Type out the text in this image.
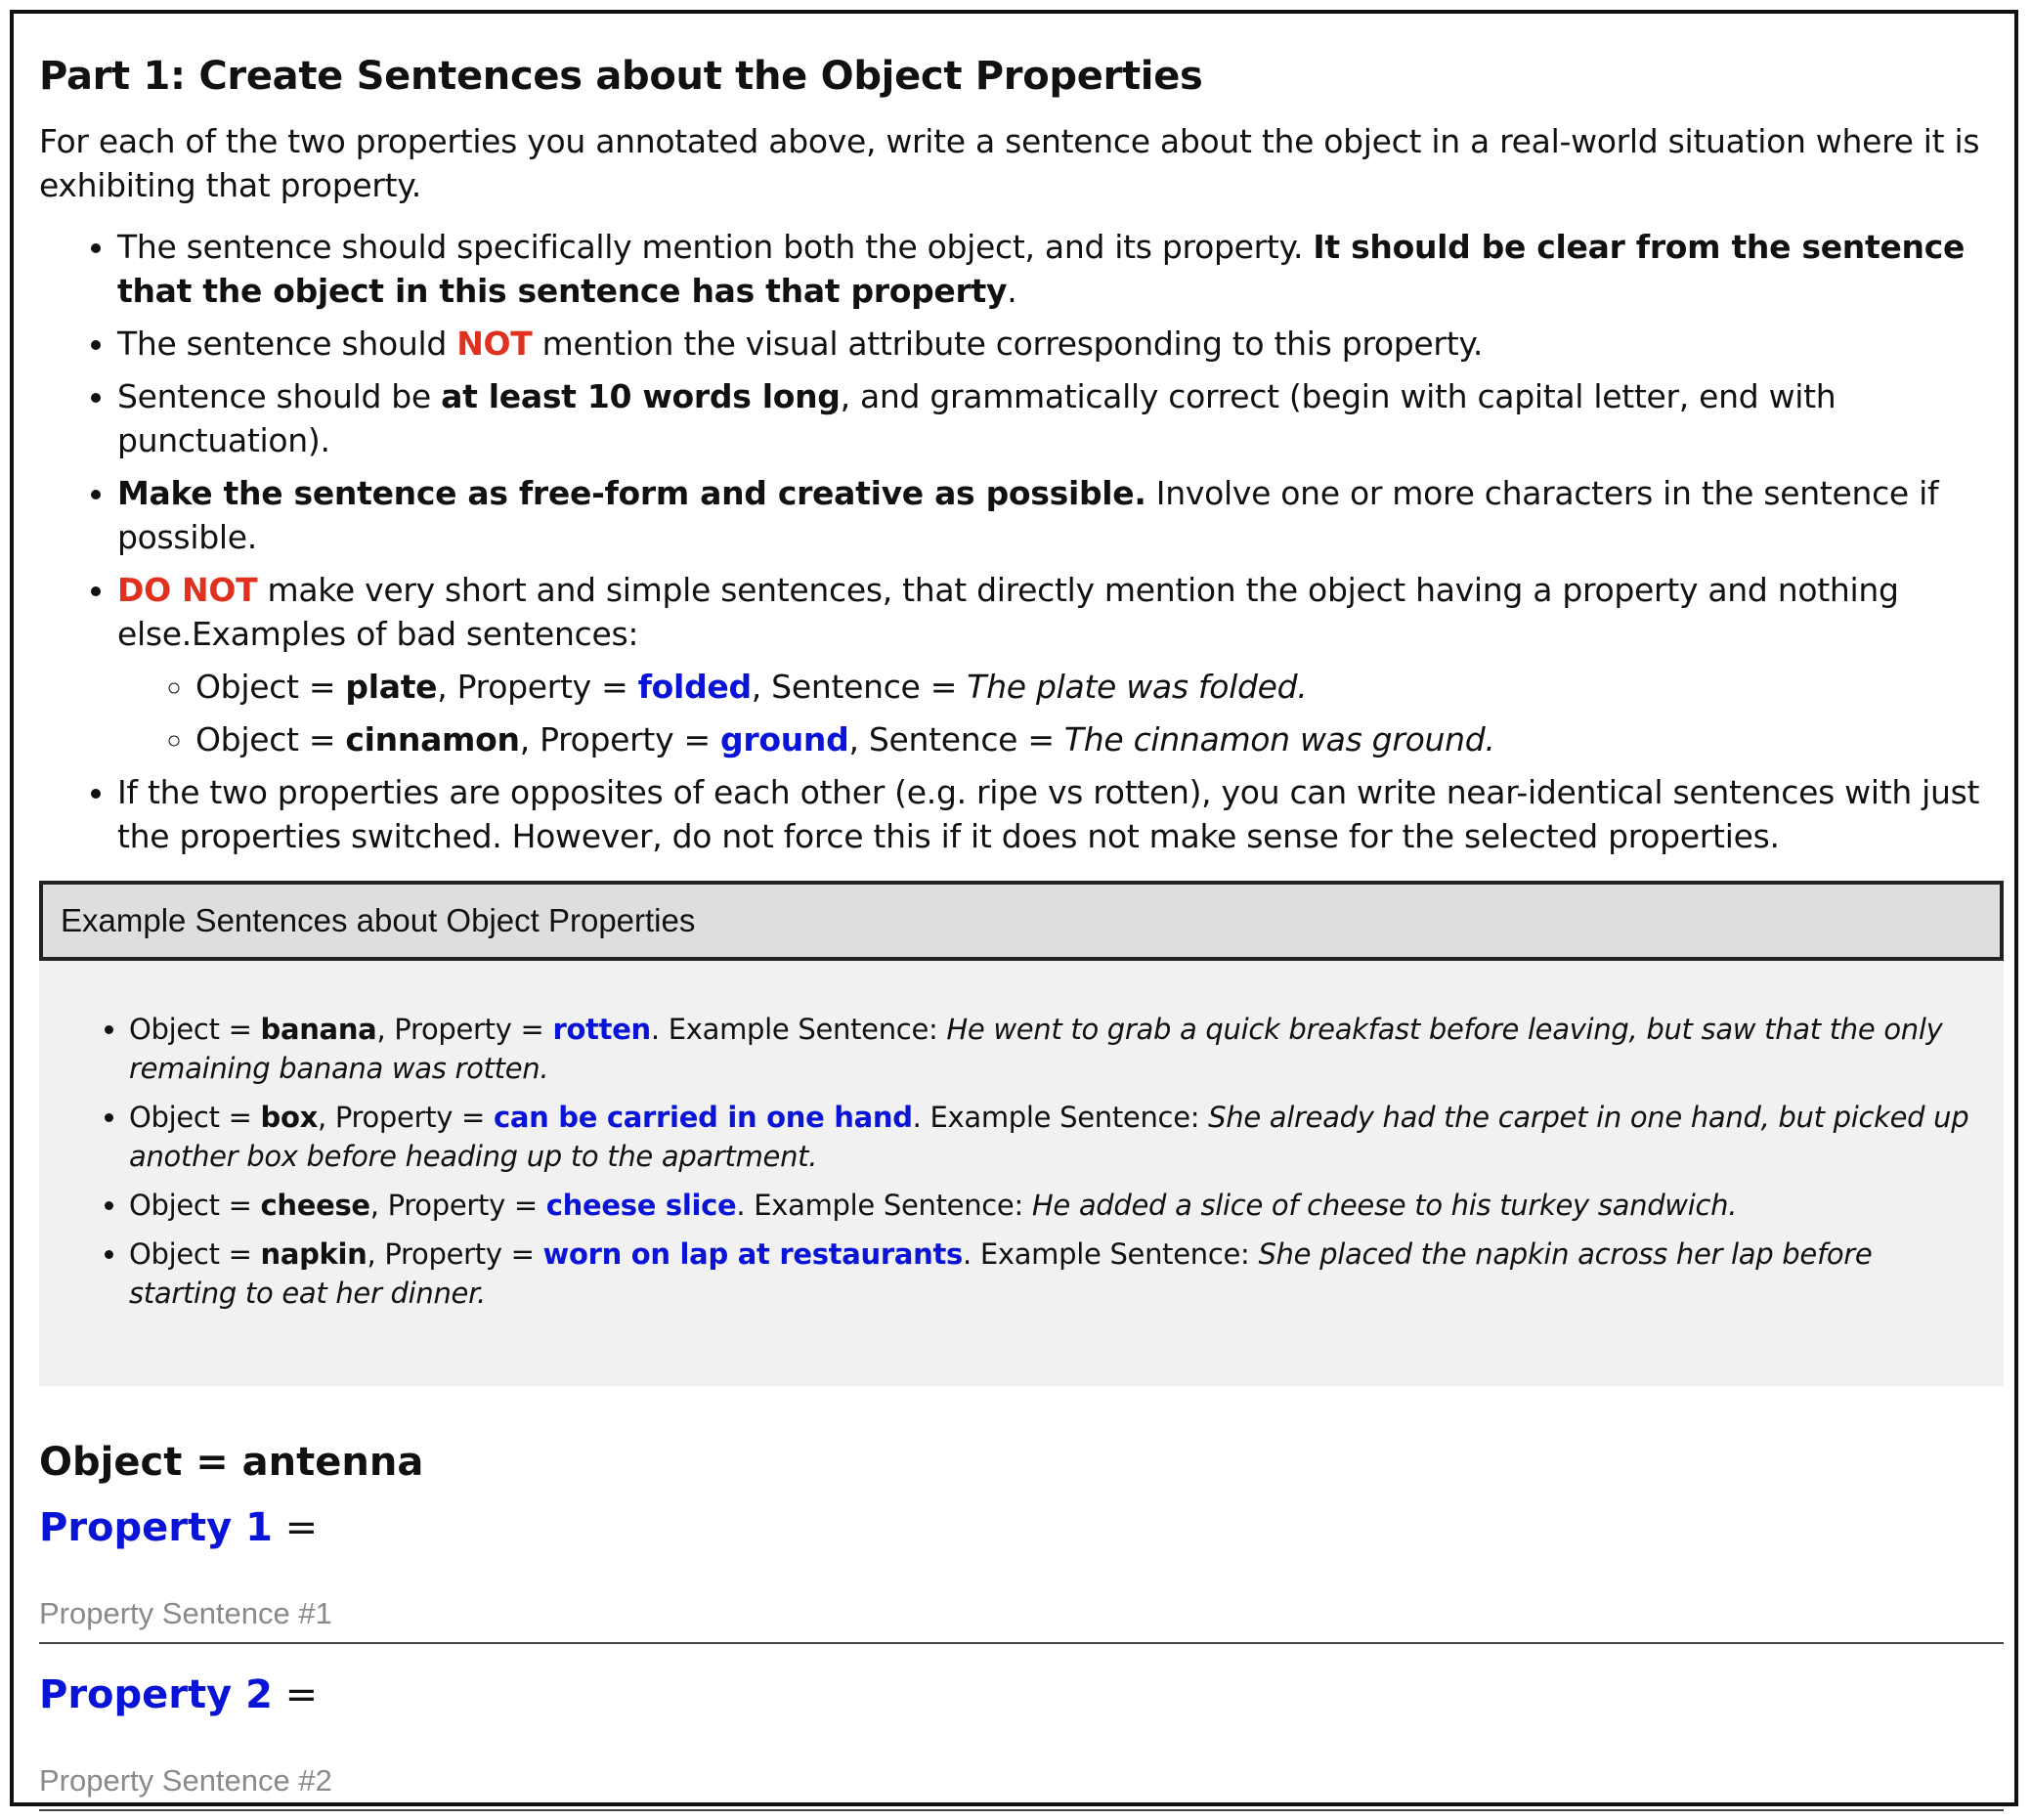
Part 1: Create Sentences about the Object Properties

For each of the two properties you annotated above, write a sentence about the object in a real-world situation where it is exhibiting that property.

• The sentence should specifically mention both the object, and its property. It should be clear from the sentence that the object in this sentence has that property.
• The sentence should NOT mention the visual attribute corresponding to this property.
• Sentence should be at least 10 words long, and grammatically correct (begin with capital letter, end with punctuation).
• Make the sentence as free-form and creative as possible. Involve one or more characters in the sentence if possible.
• DO NOT make very short and simple sentences, that directly mention the object having a property and nothing else.Examples of bad sentences:
◦ Object = plate, Property = folded, Sentence = The plate was folded.
◦ Object = cinnamon, Property = ground, Sentence = The cinnamon was ground.
• If the two properties are opposites of each other (e.g. ripe vs rotten), you can write near-identical sentences with just the properties switched. However, do not force this if it does not make sense for the selected properties.
Example Sentences about Object Properties
• Object = banana, Property = rotten. Example Sentence: He went to grab a quick breakfast before leaving, but saw that the only remaining banana was rotten.
• Object = box, Property = can be carried in one hand. Example Sentence: She already had the carpet in one hand, but picked up another box before heading up to the apartment.
• Object = cheese, Property = cheese slice. Example Sentence: He added a slice of cheese to his turkey sandwich.
• Object = napkin, Property = worn on lap at restaurants. Example Sentence: She placed the napkin across her lap before starting to eat her dinner.
Object = antenna
Property 1 =
Property Sentence #1
Property 2 =
Property Sentence #2
